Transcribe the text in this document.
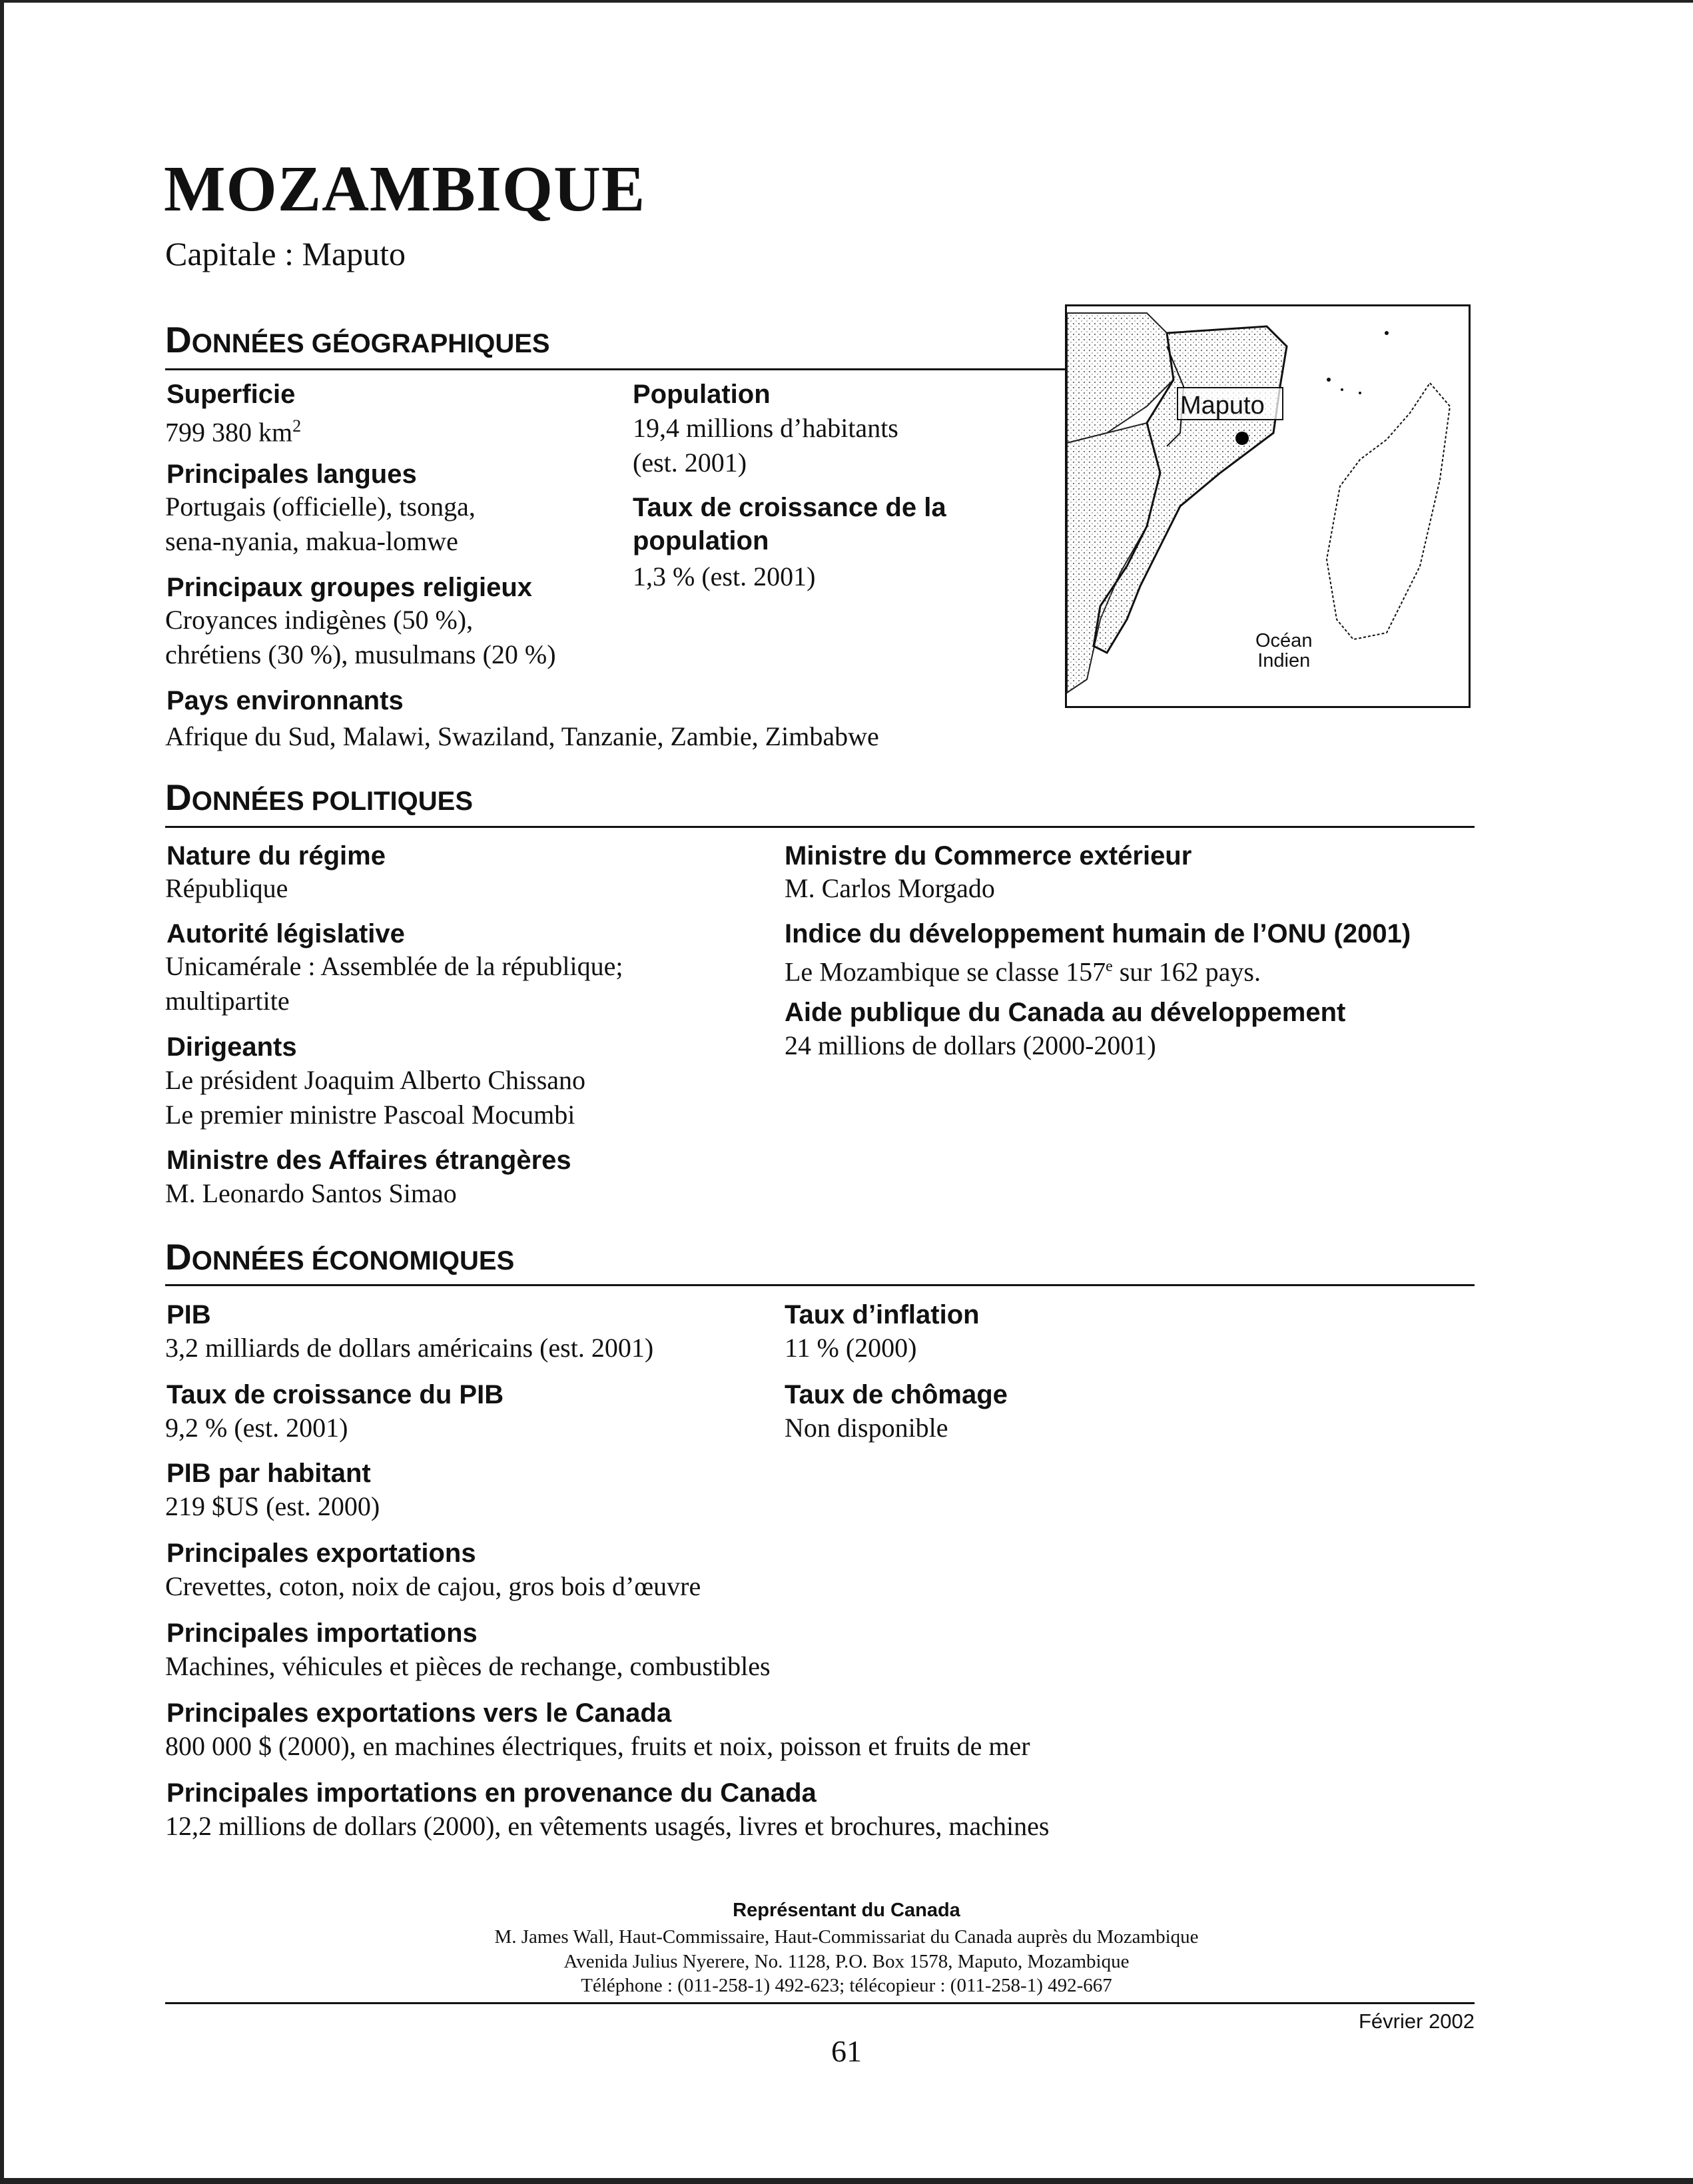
MOZAMBIQUE
Capitale : Maputo
DONNÉES GÉOGRAPHIQUES
Superficie
799 380 $km^2$
Principales langues
Portugais (officielle), tsonga,
sena-nyania, makua-lomwe
Principaux groupes religieux
Croyances indigènes (50 %),
chrétiens (30 %), musulmans (20 %)
Population
19,4 millions d’habitants
(est. 2001)
Taux de croissance de la
population
1,3 % (est. 2001)
Pays environnants
Afrique du Sud, Malawi, Swaziland, Tanzanie, Zambie, Zimbabwe
Maputo
Océan
Indien
DONNÉES POLITIQUES
Nature du régime
République
Autorité législative
Unicamérale : Assemblée de la république;
multipartite
Dirigeants
Le président Joaquim Alberto Chissano
Le premier ministre Pascoal Mocumbi
Ministre des Affaires étrangères
M. Leonardo Santos Simao
Ministre du Commerce extérieur
M. Carlos Morgado
Indice du développement humain de l’ONU (2001)
Le Mozambique se classe 157e sur 162 pays.
Aide publique du Canada au développement
24 millions de dollars (2000-2001)
DONNÉES ÉCONOMIQUES
PIB
3,2 milliards de dollars américains (est. 2001)
Taux de croissance du PIB
9,2 % (est. 2001)
PIB par habitant
219 $US (est. 2000)
Principales exportations
Crevettes, coton, noix de cajou, gros bois d’œuvre
Principales importations
Machines, véhicules et pièces de rechange, combustibles
Principales exportations vers le Canada
800 000 $ (2000), en machines électriques, fruits et noix, poisson et fruits de mer
Principales importations en provenance du Canada
12,2 millions de dollars (2000), en vêtements usagés, livres et brochures, machines
Taux d’inflation
11 % (2000)
Taux de chômage
Non disponible
Représentant du Canada
M. James Wall, Haut-Commissaire, Haut-Commissariat du Canada auprès du Mozambique
Avenida Julius Nyerere, No. 1128, P.O. Box 1578, Maputo, Mozambique
Téléphone : (011-258-1) 492-623; télécopieur : (011-258-1) 492-667
Février 2002
61
